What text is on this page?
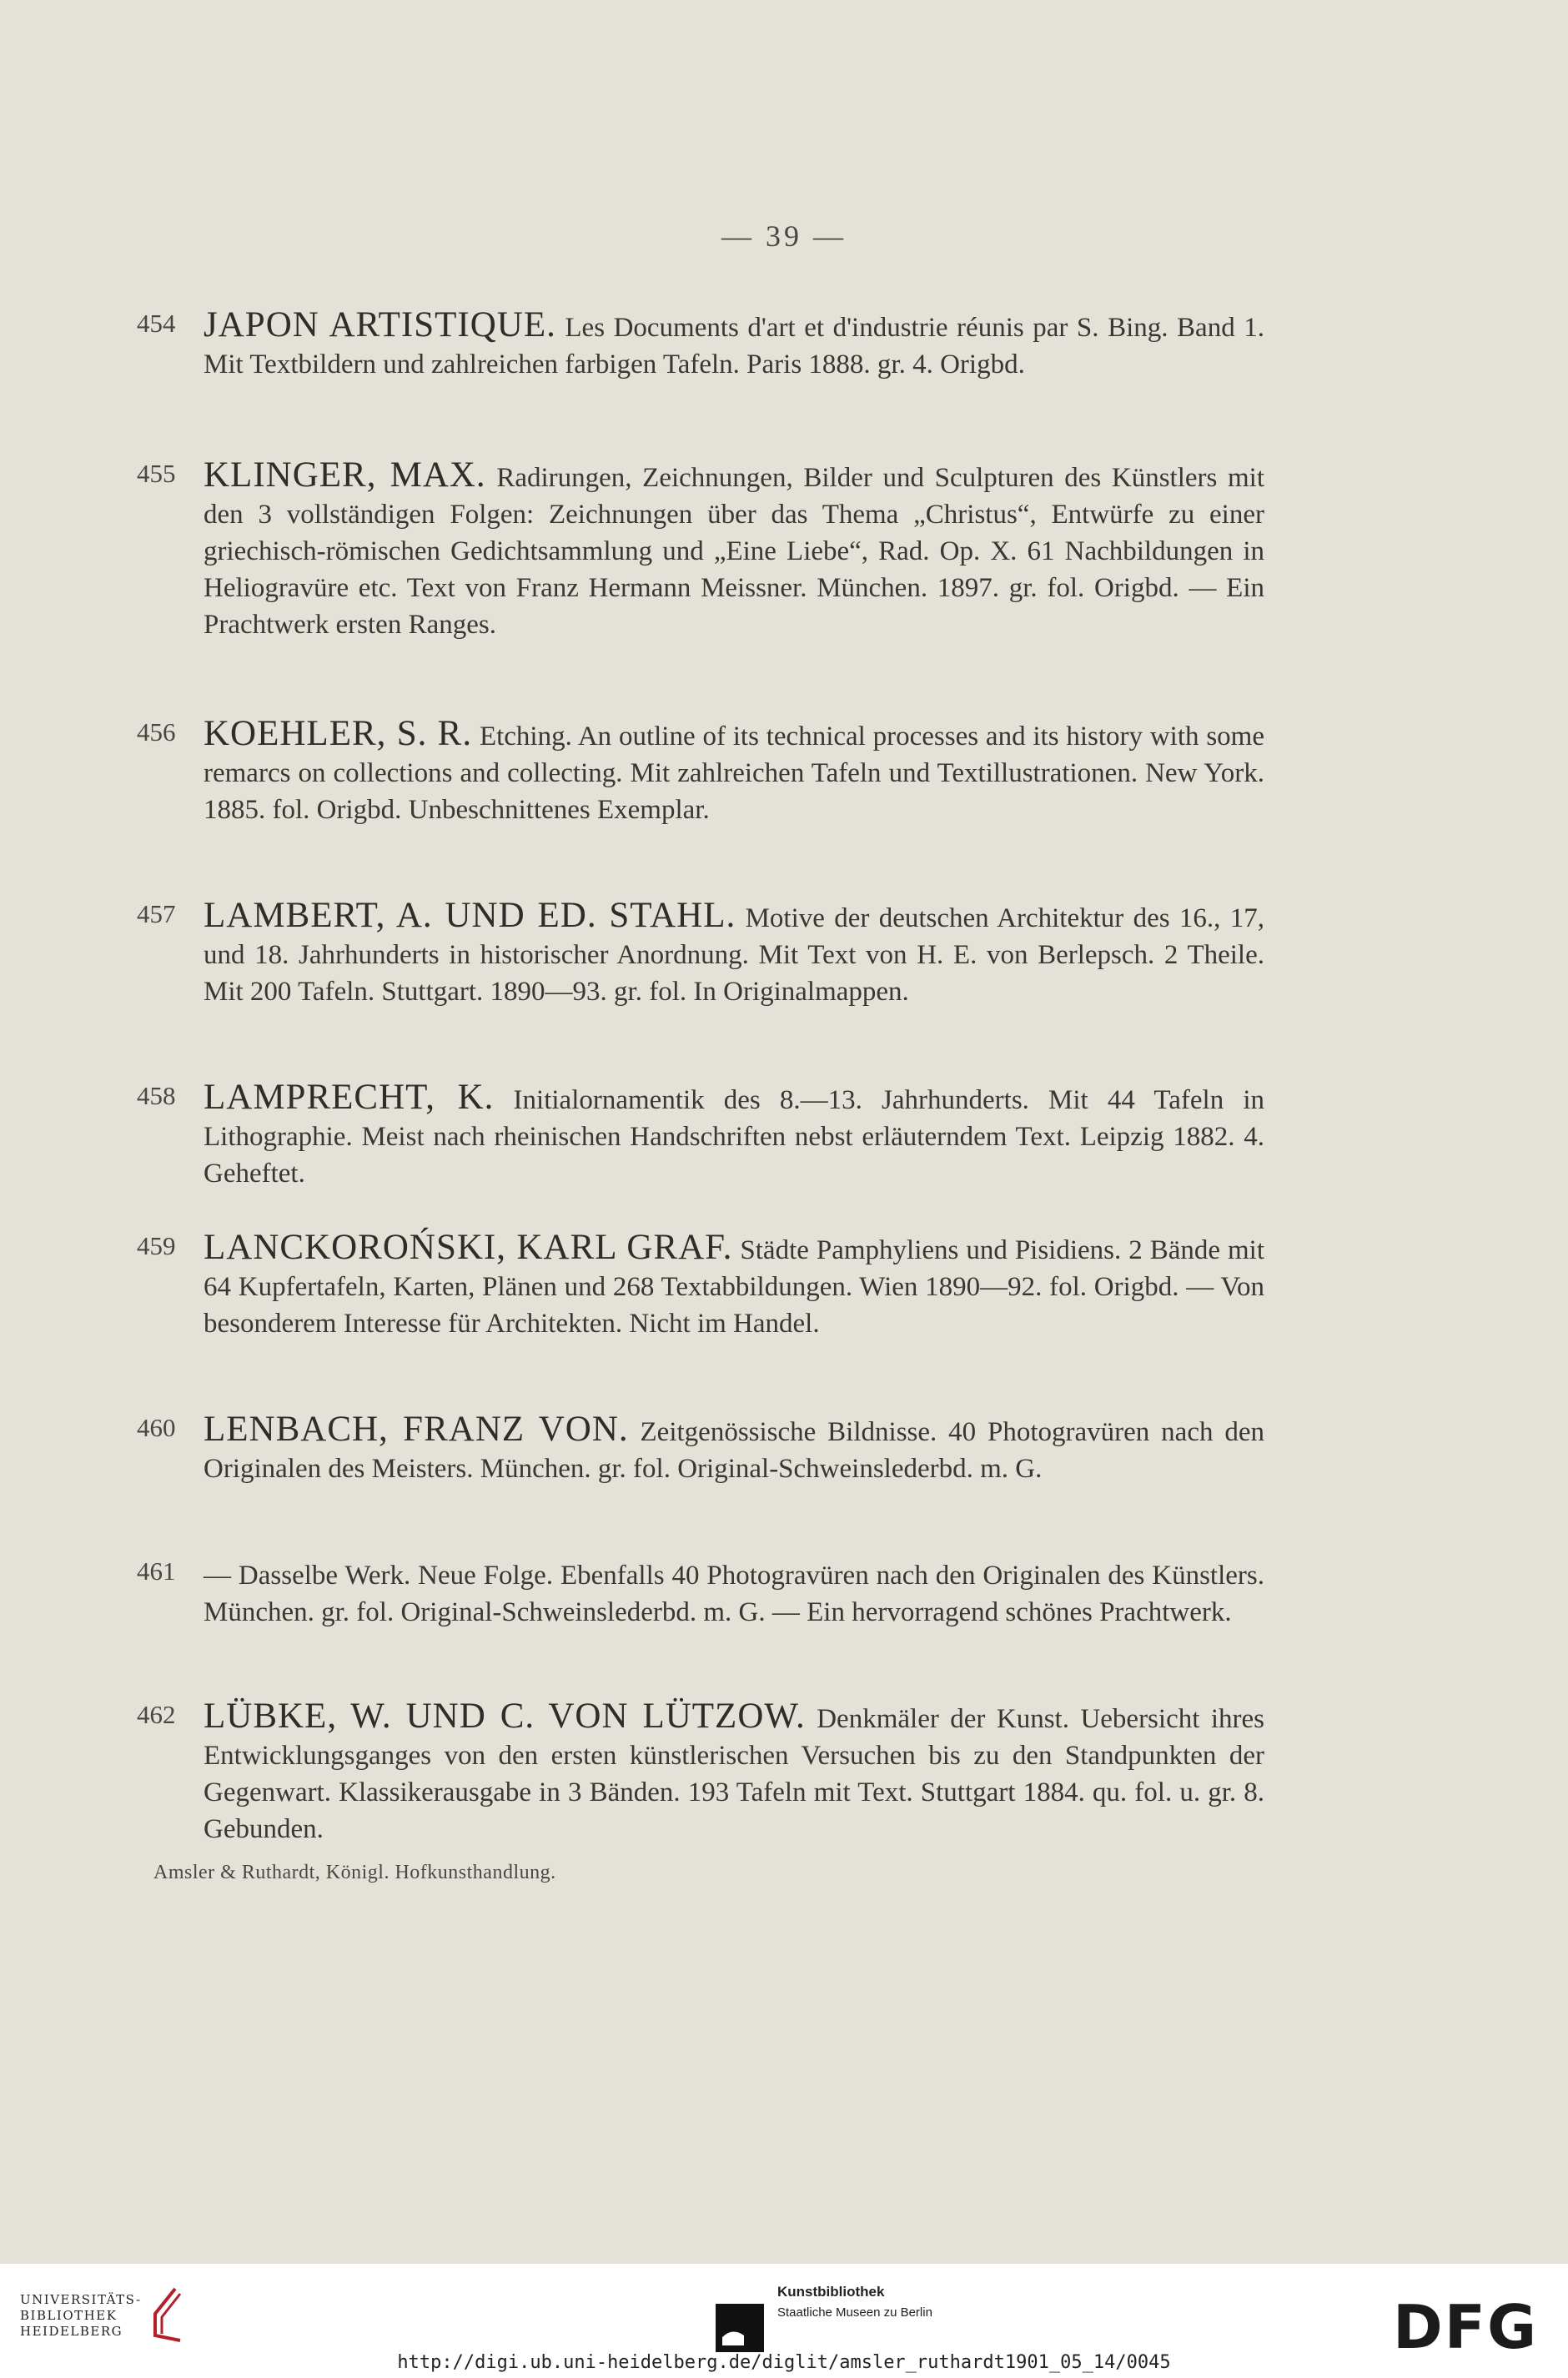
— 39 —
454 JAPON ARTISTIQUE. Les Documents d'art et d'industrie réunis par S. Bing. Band 1. Mit Textbildern und zahlreichen farbigen Tafeln. Paris 1888. gr. 4. Origbd.
455 KLINGER, MAX. Radirungen, Zeichnungen, Bilder und Sculpturen des Künstlers mit den 3 vollständigen Folgen: Zeichnungen über das Thema „Christus“, Entwürfe zu einer griechisch-römischen Gedichtsammlung und „Eine Liebe“, Rad. Op. X. 61 Nachbildungen in Heliogravüre etc. Text von Franz Hermann Meissner. München. 1897. gr. fol. Origbd. — Ein Prachtwerk ersten Ranges.
456 KOEHLER, S. R. Etching. An outline of its technical processes and its history with some remarcs on collections and collecting. Mit zahlreichen Tafeln und Textillustrationen. New York. 1885. fol. Origbd. Unbeschnittenes Exemplar.
457 LAMBERT, A. UND ED. STAHL. Motive der deutschen Architektur des 16., 17, und 18. Jahrhunderts in historischer Anordnung. Mit Text von H. E. von Berlepsch. 2 Theile. Mit 200 Tafeln. Stuttgart. 1890—93. gr. fol. In Originalmappen.
458 LAMPRECHT, K. Initialornamentik des 8.—13. Jahrhunderts. Mit 44 Tafeln in Lithographie. Meist nach rheinischen Handschriften nebst erläuterndem Text. Leipzig 1882. 4. Geheftet.
459 LANCKOROŃSKI, KARL GRAF. Städte Pamphyliens und Pisidiens. 2 Bände mit 64 Kupfertafeln, Karten, Plänen und 268 Textabbildungen. Wien 1890—92. fol. Origbd. — Von besonderem Interesse für Architekten. Nicht im Handel.
460 LENBACH, FRANZ VON. Zeitgenössische Bildnisse. 40 Photogravüren nach den Originalen des Meisters. München. gr. fol. Original-Schweinslederbd. m. G.
461 — Dasselbe Werk. Neue Folge. Ebenfalls 40 Photogravüren nach den Originalen des Künstlers. München. gr. fol. Original-Schweinslederbd. m. G. — Ein hervorragend schönes Prachtwerk.
462 LÜBKE, W. UND C. VON LÜTZOW. Denkmäler der Kunst. Uebersicht ihres Entwicklungsganges von den ersten künstlerischen Versuchen bis zu den Standpunkten der Gegenwart. Klassikerausgabe in 3 Bänden. 193 Tafeln mit Text. Stuttgart 1884. qu. fol. u. gr. 8. Gebunden.
Amsler & Ruthardt, Königl. Hofkunsthandlung.
UNIVERSITÄTS-
BIBLIOTHEK
HEIDELBERG
Kunstbibliothek
Staatliche Museen zu Berlin	DFG
http://digi.ub.uni-heidelberg.de/diglit/amsler_ruthardt1901_05_14/0045
